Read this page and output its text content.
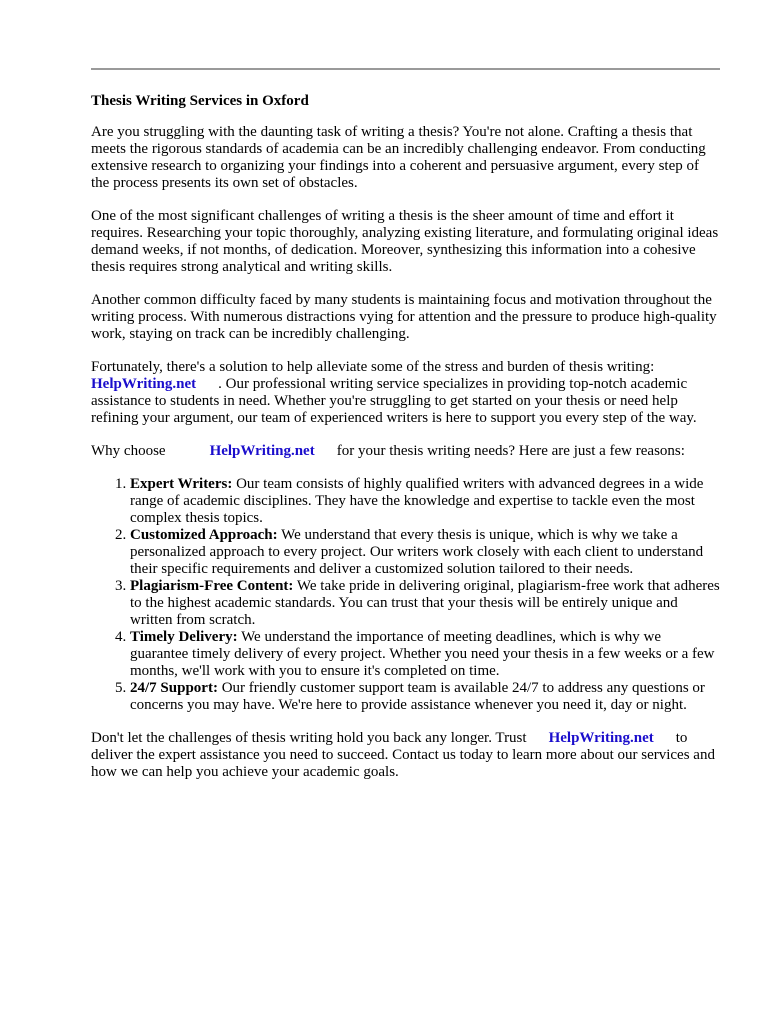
Thesis Writing Services in Oxford

Are you struggling with the daunting task of writing a thesis? You're not alone. Crafting a thesis that meets the rigorous standards of academia can be an incredibly challenging endeavor. From conducting extensive research to organizing your findings into a coherent and persuasive argument, every step of the process presents its own set of obstacles.

One of the most significant challenges of writing a thesis is the sheer amount of time and effort it requires. Researching your topic thoroughly, analyzing existing literature, and formulating original ideas demand weeks, if not months, of dedication. Moreover, synthesizing this information into a cohesive thesis requires strong analytical and writing skills.

Another common difficulty faced by many students is maintaining focus and motivation throughout the writing process. With numerous distractions vying for attention and the pressure to produce high-quality work, staying on track can be incredibly challenging.

Fortunately, there's a solution to help alleviate some of the stress and burden of thesis writing:
HelpWriting.net . Our professional writing service specializes in providing top-notch academic assistance to students in need. Whether you're struggling to get started on your thesis or need help refining your argument, our team of experienced writers is here to support you every step of the way.

Why choose	HelpWriting.net for your thesis writing needs? Here are just a few reasons:

1. Expert Writers: Our team consists of highly qualified writers with advanced degrees in a wide range of academic disciplines. They have the knowledge and expertise to tackle even the most complex thesis topics.
2. Customized Approach: We understand that every thesis is unique, which is why we take a personalized approach to every project. Our writers work closely with each client to understand their specific requirements and deliver a customized solution tailored to their needs.
3. Plagiarism-Free Content: We take pride in delivering original, plagiarism-free work that adheres to the highest academic standards. You can trust that your thesis will be entirely unique and written from scratch.
4. Timely Delivery: We understand the importance of meeting deadlines, which is why we guarantee timely delivery of every project. Whether you need your thesis in a few weeks or a few months, we'll work with you to ensure it's completed on time.
5. 24/7 Support: Our friendly customer support team is available 24/7 to address any questions or concerns you may have. We're here to provide assistance whenever you need it, day or night.

Don't let the challenges of thesis writing hold you back any longer. Trust HelpWriting.net to deliver the expert assistance you need to succeed. Contact us today to learn more about our services and how we can help you achieve your academic goals.
